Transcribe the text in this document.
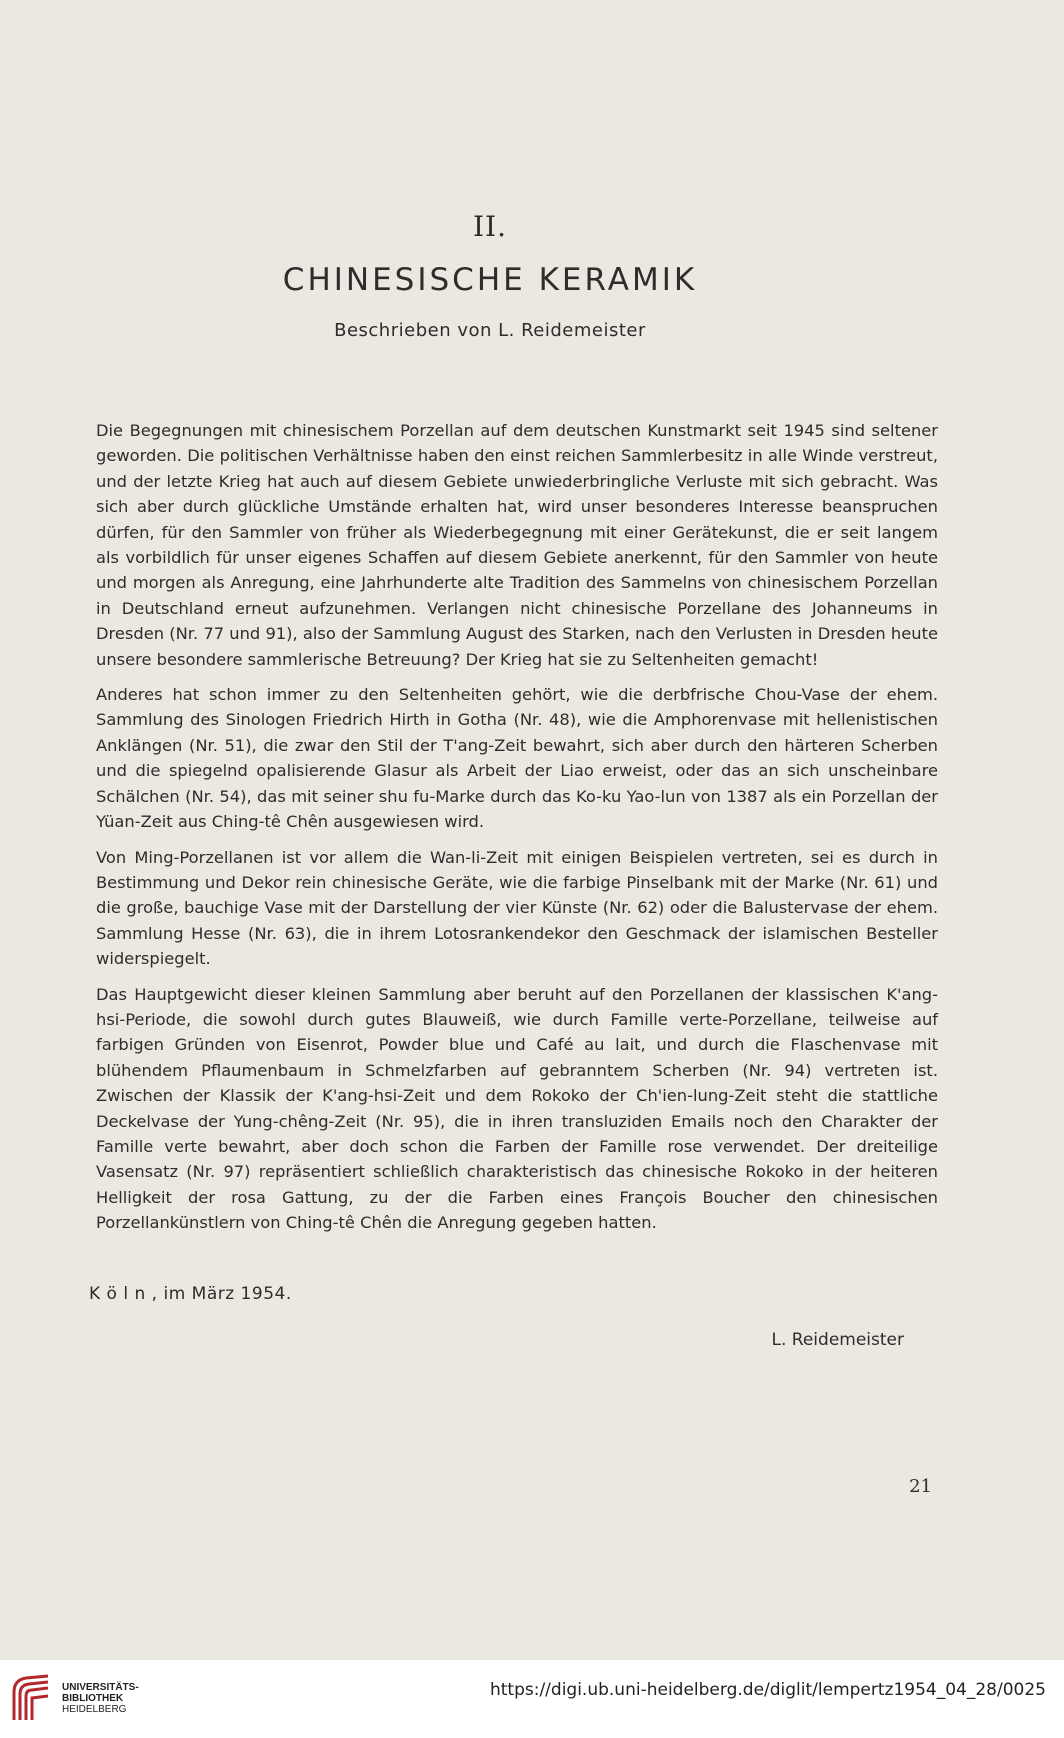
II.
CHINESISCHE KERAMIK
Beschrieben von L. Reidemeister

Die Begegnungen mit chinesischem Porzellan auf dem deutschen Kunstmarkt seit 1945 sind seltener geworden. Die politischen Verhältnisse haben den einst reichen Sammlerbesitz in alle Winde verstreut, und der letzte Krieg hat auch auf diesem Gebiete unwiederbringliche Verluste mit sich gebracht. Was sich aber durch glückliche Umstände erhalten hat, wird unser besonderes Interesse beanspruchen dürfen, für den Sammler von früher als Wiederbegegnung mit einer Gerätekunst, die er seit langem als vorbildlich für unser eigenes Schaffen auf diesem Gebiete anerkennt, für den Sammler von heute und morgen als Anregung, eine Jahrhunderte alte Tradition des Sammelns von chinesischem Porzellan in Deutschland erneut aufzunehmen. Verlangen nicht chinesische Porzellane des Johanneums in Dresden (Nr. 77 und 91), also der Sammlung August des Starken, nach den Verlusten in Dresden heute unsere besondere sammlerische Betreuung? Der Krieg hat sie zu Seltenheiten gemacht!

Anderes hat schon immer zu den Seltenheiten gehört, wie die derbfrische Chou-Vase der ehem. Sammlung des Sinologen Friedrich Hirth in Gotha (Nr. 48), wie die Amphorenvase mit hellenistischen Anklängen (Nr. 51), die zwar den Stil der T'ang-Zeit bewahrt, sich aber durch den härteren Scherben und die spiegelnd opalisierende Glasur als Arbeit der Liao erweist, oder das an sich unscheinbare Schälchen (Nr. 54), das mit seiner shu fu-Marke durch das Ko-ku Yao-lun von 1387 als ein Porzellan der Yüan-Zeit aus Ching-tê Chên ausgewiesen wird.

Von Ming-Porzellanen ist vor allem die Wan-li-Zeit mit einigen Beispielen vertreten, sei es durch in Bestimmung und Dekor rein chinesische Geräte, wie die farbige Pinselbank mit der Marke (Nr. 61) und die große, bauchige Vase mit der Darstellung der vier Künste (Nr. 62) oder die Balustervase der ehem. Sammlung Hesse (Nr. 63), die in ihrem Lotosrankendekor den Geschmack der islamischen Besteller widerspiegelt.

Das Hauptgewicht dieser kleinen Sammlung aber beruht auf den Porzellanen der klassischen K'ang-hsi-Periode, die sowohl durch gutes Blauweiß, wie durch Famille verte-Porzellane, teilweise auf farbigen Gründen von Eisenrot, Powder blue und Café au lait, und durch die Flaschenvase mit blühendem Pflaumenbaum in Schmelzfarben auf gebranntem Scherben (Nr. 94) vertreten ist. Zwischen der Klassik der K'ang-hsi-Zeit und dem Rokoko der Ch'ien-lung-Zeit steht die stattliche Deckelvase der Yung-chêng-Zeit (Nr. 95), die in ihren transluziden Emails noch den Charakter der Famille verte bewahrt, aber doch schon die Farben der Famille rose verwendet. Der dreiteilige Vasensatz (Nr. 97) repräsentiert schließlich charakteristisch das chinesische Rokoko in der heiteren Helligkeit der rosa Gattung, zu der die Farben eines François Boucher den chinesischen Porzellankünstlern von Ching-tê Chên die Anregung gegeben hatten.

K ö l n , im März 1954.
L. Reidemeister
21
UNIVERSITÄTS-
BIBLIOTHEK
HEIDELBERG
https://digi.ub.uni-heidelberg.de/diglit/lempertz1954_04_28/0025
